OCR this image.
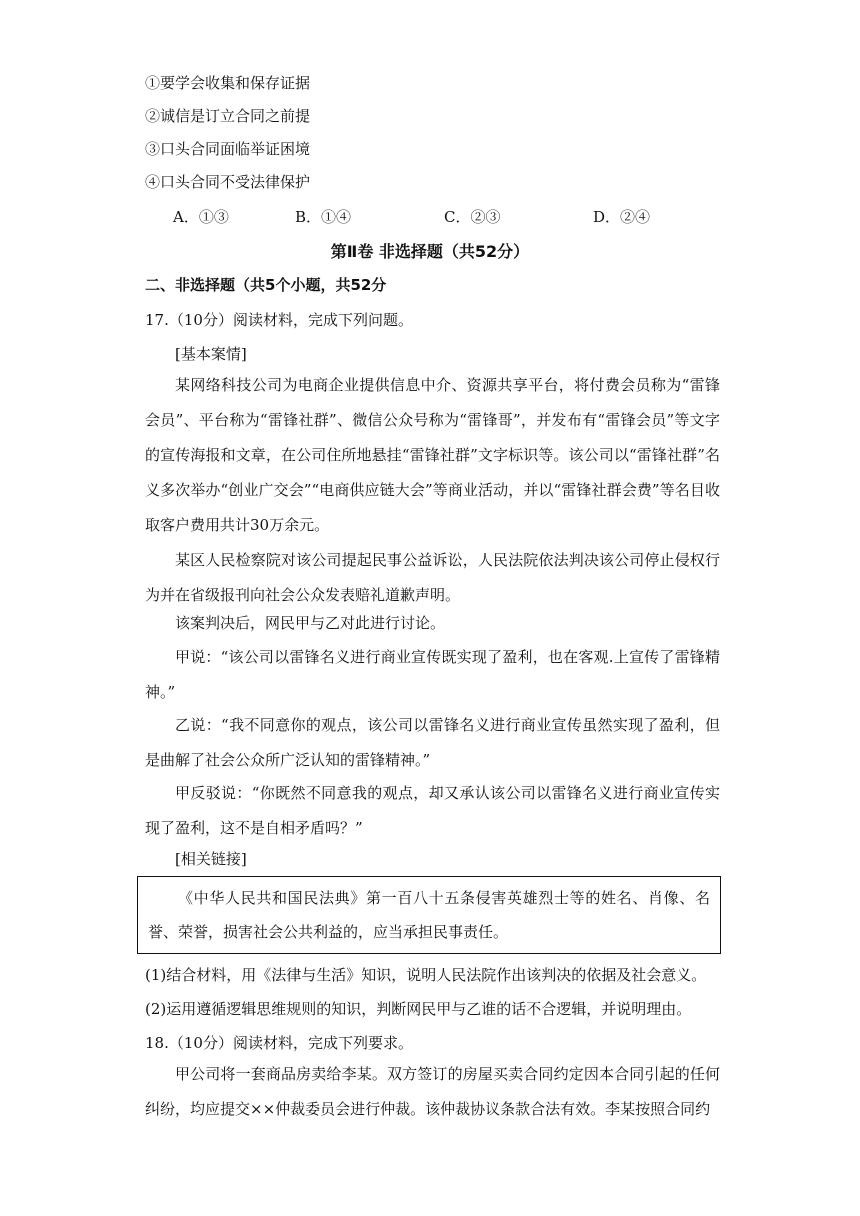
①要学会收集和保存证据
②诚信是订立合同之前提
③口头合同面临举证困境
④口头合同不受法律保护
A．①③	B．①④	C．②③	D．②④
第Ⅱ卷 非选择题（共52分）
二、非选择题（共5个小题，共52分
17.（10分）阅读材料，完成下列问题。
[基本案情]
某网络科技公司为电商企业提供信息中介、资源共享平台，将付费会员称为“雷锋会员”、平台称为“雷锋社群”、微信公众号称为“雷锋哥”，并发布有“雷锋会员”等文字的宣传海报和文章，在公司住所地悬挂“雷锋社群”文字标识等。该公司以“雷锋社群”名义多次举办“创业广交会”“电商供应链大会”等商业活动，并以“雷锋社群会费”等名目收取客户费用共计30万余元。
某区人民检察院对该公司提起民事公益诉讼，人民法院依法判决该公司停止侵权行为并在省级报刊向社会公众发表赔礼道歉声明。
该案判决后，网民甲与乙对此进行讨论。
甲说：“该公司以雷锋名义进行商业宣传既实现了盈利，也在客观.上宣传了雷锋精神。”
乙说：“我不同意你的观点，该公司以雷锋名义进行商业宣传虽然实现了盈利，但是曲解了社会公众所广泛认知的雷锋精神。”
甲反驳说：“你既然不同意我的观点，却又承认该公司以雷锋名义进行商业宣传实现了盈利，这不是自相矛盾吗？”
[相关链接]

《中华人民共和国民法典》第一百八十五条侵害英雄烈士等的姓名、肖像、名誉、荣誉，损害社会公共利益的，应当承担民事责任。

(1)结合材料，用《法律与生活》知识，说明人民法院作出该判决的依据及社会意义。
(2)运用遵循逻辑思维规则的知识，判断网民甲与乙谁的话不合逻辑，并说明理由。
18.（10分）阅读材料，完成下列要求。
甲公司将一套商品房卖给李某。双方签订的房屋买卖合同约定因本合同引起的任何纠纷，均应提交××仲裁委员会进行仲裁。该仲裁协议条款合法有效。李某按照合同约
